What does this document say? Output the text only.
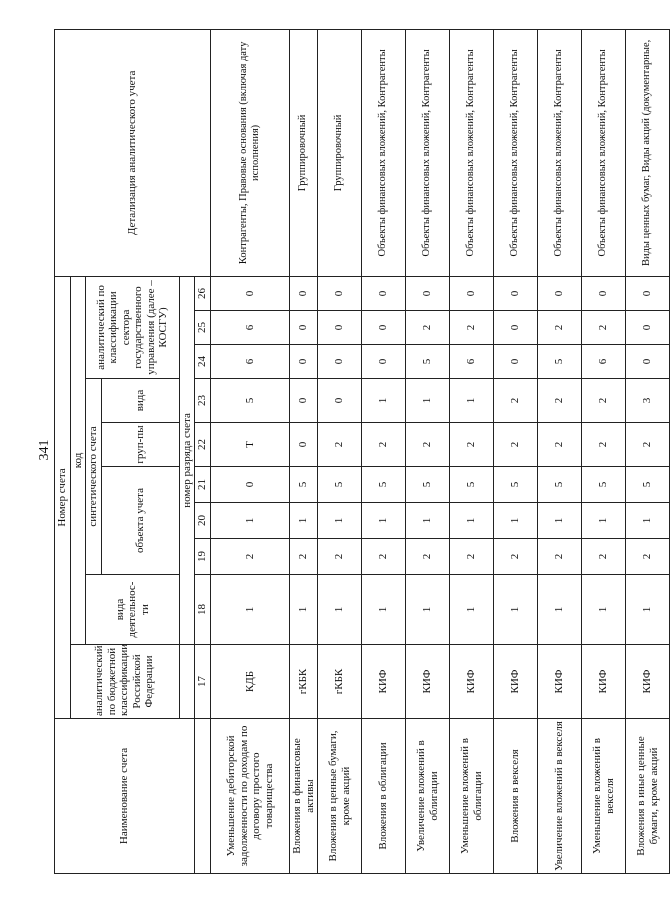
341
Наименование счета	Номер счета										Детализация аналитического учета
	аналитический по бюджетной классификации Российской Федерации	код									
		вида деятельнос-ти	синтетического счета					аналитический по классификации сектора государственного управления (далее – КОСГУ)			
			объекта учета			груп-пы	вида				
		номер разряда счета									
	17	18	19	20	21	22	23	24	25	26	
Уменьшение дебиторской задолженности по доходам по договору простого товарищества	КДБ	1	2	1	0	Т	5	6	6	0	Контрагенты, Правовые основания (включая дату исполнения)
Вложения в финансовые активы	гКБК	1	2	1	5	0	0	0	0	0	Группировочный
Вложения в ценные бумаги, кроме акций	гКБК	1	2	1	5	2	0	0	0	0	Группировочный
Вложения в облигации	КИФ	1	2	1	5	2	1	0	0	0	Объекты финансовых вложений, Контрагенты
Увеличение вложений в облигации	КИФ	1	2	1	5	2	1	5	2	0	Объекты финансовых вложений, Контрагенты
Уменьшение вложений в облигации	КИФ	1	2	1	5	2	1	6	2	0	Объекты финансовых вложений, Контрагенты
Вложения в векселя	КИФ	1	2	1	5	2	2	0	0	0	Объекты финансовых вложений, Контрагенты
Увеличение вложений в векселя	КИФ	1	2	1	5	2	2	5	2	0	Объекты финансовых вложений, Контрагенты
Уменьшение вложений в векселя	КИФ	1	2	1	5	2	2	6	2	0	Объекты финансовых вложений, Контрагенты
Вложения в иные ценные бумаги, кроме акций	КИФ	1	2	1	5	2	3	0	0	0	Виды ценных бумаг, Виды акций (документарные,
